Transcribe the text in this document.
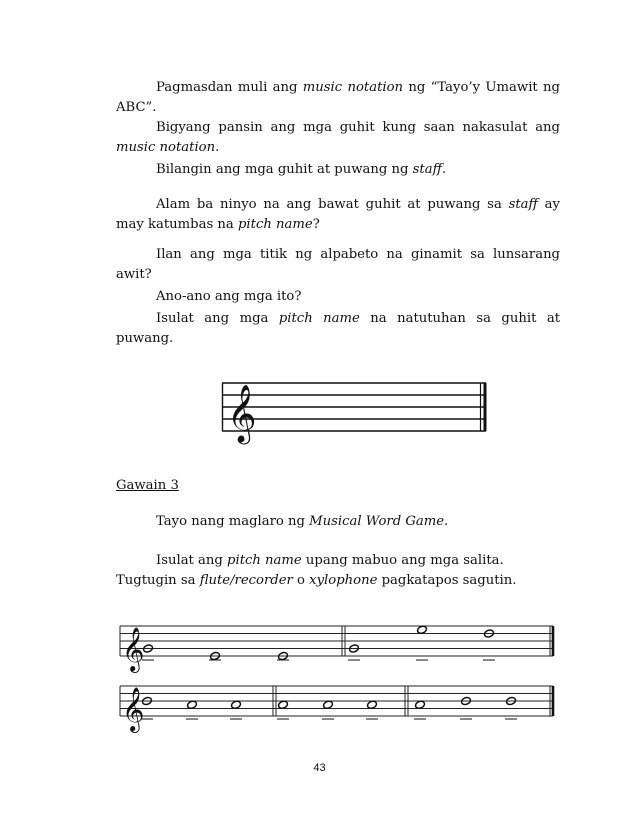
Pagmasdan muli ang music notation ng “Tayo’y Umawit ng ABC”.

Bigyang pansin ang mga guhit kung saan nakasulat ang music notation.

Bilangin ang mga guhit at puwang ng staff.

Alam ba ninyo na ang bawat guhit at puwang sa staff ay may katumbas na pitch name?

Ilan ang mga titik ng alpabeto na ginamit sa lunsarang awit?

Ano-ano ang mga ito?

Isulat ang mga pitch name na natutuhan sa guhit at puwang.

Tayo nang maglaro ng Musical Word Game.

Isulat ang pitch name upang mabuo ang mga salita.

Tugtugin sa flute/recorder o xylophone pagkatapos sagutin.

Gawain 3

𝄞
𝄞
𝄞
43
